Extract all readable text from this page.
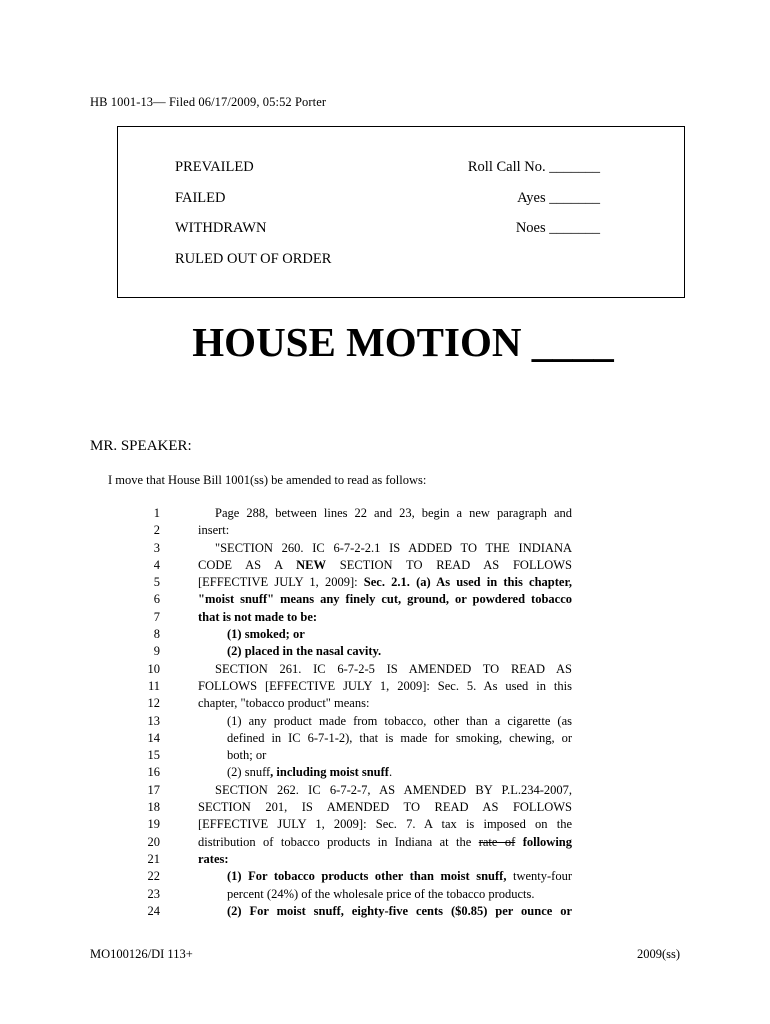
HB 1001-13— Filed 06/17/2009, 05:52 Porter
PREVAILED
FAILED
WITHDRAWN
RULED OUT OF ORDER
Roll Call No. _______
Ayes _______
Noes _______
HOUSE MOTION ____
MR. SPEAKER:
I move that House Bill 1001(ss) be amended to read as follows:
1	Page 288, between lines 22 and 23, begin a new paragraph and
2	insert:
3	"SECTION 260. IC 6-7-2-2.1 IS ADDED TO THE INDIANA
4	CODE AS A NEW SECTION TO READ AS FOLLOWS
5	[EFFECTIVE JULY 1, 2009]: Sec. 2.1. (a) As used in this chapter,
6	"moist snuff" means any finely cut, ground, or powdered tobacco
7	that is not made to be:
8	(1) smoked; or
9	(2) placed in the nasal cavity.
10	SECTION 261. IC 6-7-2-5 IS AMENDED TO READ AS
11	FOLLOWS [EFFECTIVE JULY 1, 2009]: Sec. 5. As used in this
12	chapter, "tobacco product" means:
13	(1) any product made from tobacco, other than a cigarette (as
14	defined in IC 6-7-1-2), that is made for smoking, chewing, or
15	both; or
16	(2) snuff, including moist snuff.
17	SECTION 262. IC 6-7-2-7, AS AMENDED BY P.L.234-2007,
18	SECTION 201, IS AMENDED TO READ AS FOLLOWS
19	[EFFECTIVE JULY 1, 2009]: Sec. 7. A tax is imposed on the
20	distribution of tobacco products in Indiana at the rate of following
21	rates:
22	(1) For tobacco products other than moist snuff, twenty-four
23	percent (24%) of the wholesale price of the tobacco products.
24	(2) For moist snuff, eighty-five cents ($0.85) per ounce or
MO100126/DI 113+	2009(ss)
